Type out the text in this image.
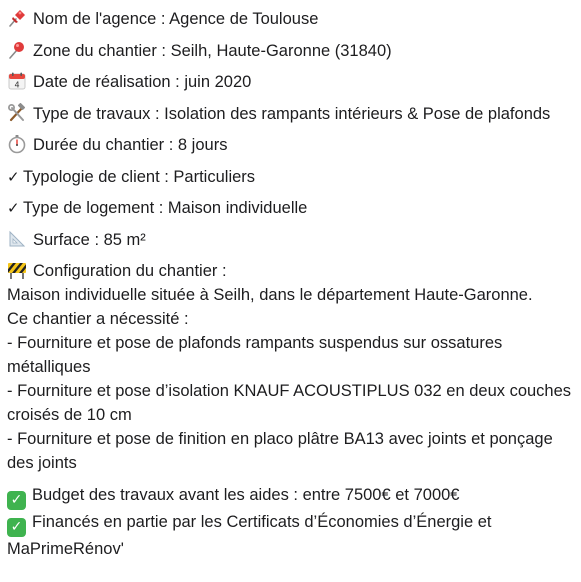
Nom de l'agence : Agence de Toulouse
Zone du chantier : Seilh, Haute-Garonne (31840)
4 Date de réalisation : juin 2020
Type de travaux : Isolation des rampants intérieurs & Pose de plafonds
Durée du chantier : 8 jours
✓ Typologie de client : Particuliers
✓ Type de logement : Maison individuelle
Surface : 85 m²
Configuration du chantier :
Maison individuelle située à Seilh, dans le département Haute-Garonne.
Ce chantier a nécessité :
- Fourniture et pose de plafonds rampants suspendus sur ossatures métalliques
- Fourniture et pose d’isolation KNAUF ACOUSTIPLUS 032 en deux couches croisés de 10 cm
- Fourniture et pose de finition en placo plâtre BA13 avec joints et ponçage des joints
✓ Budget des travaux avant les aides : entre 7500€ et 7000€
✓ Financés en partie par les Certificats d’Économies d’Énergie et MaPrimeRénov'
